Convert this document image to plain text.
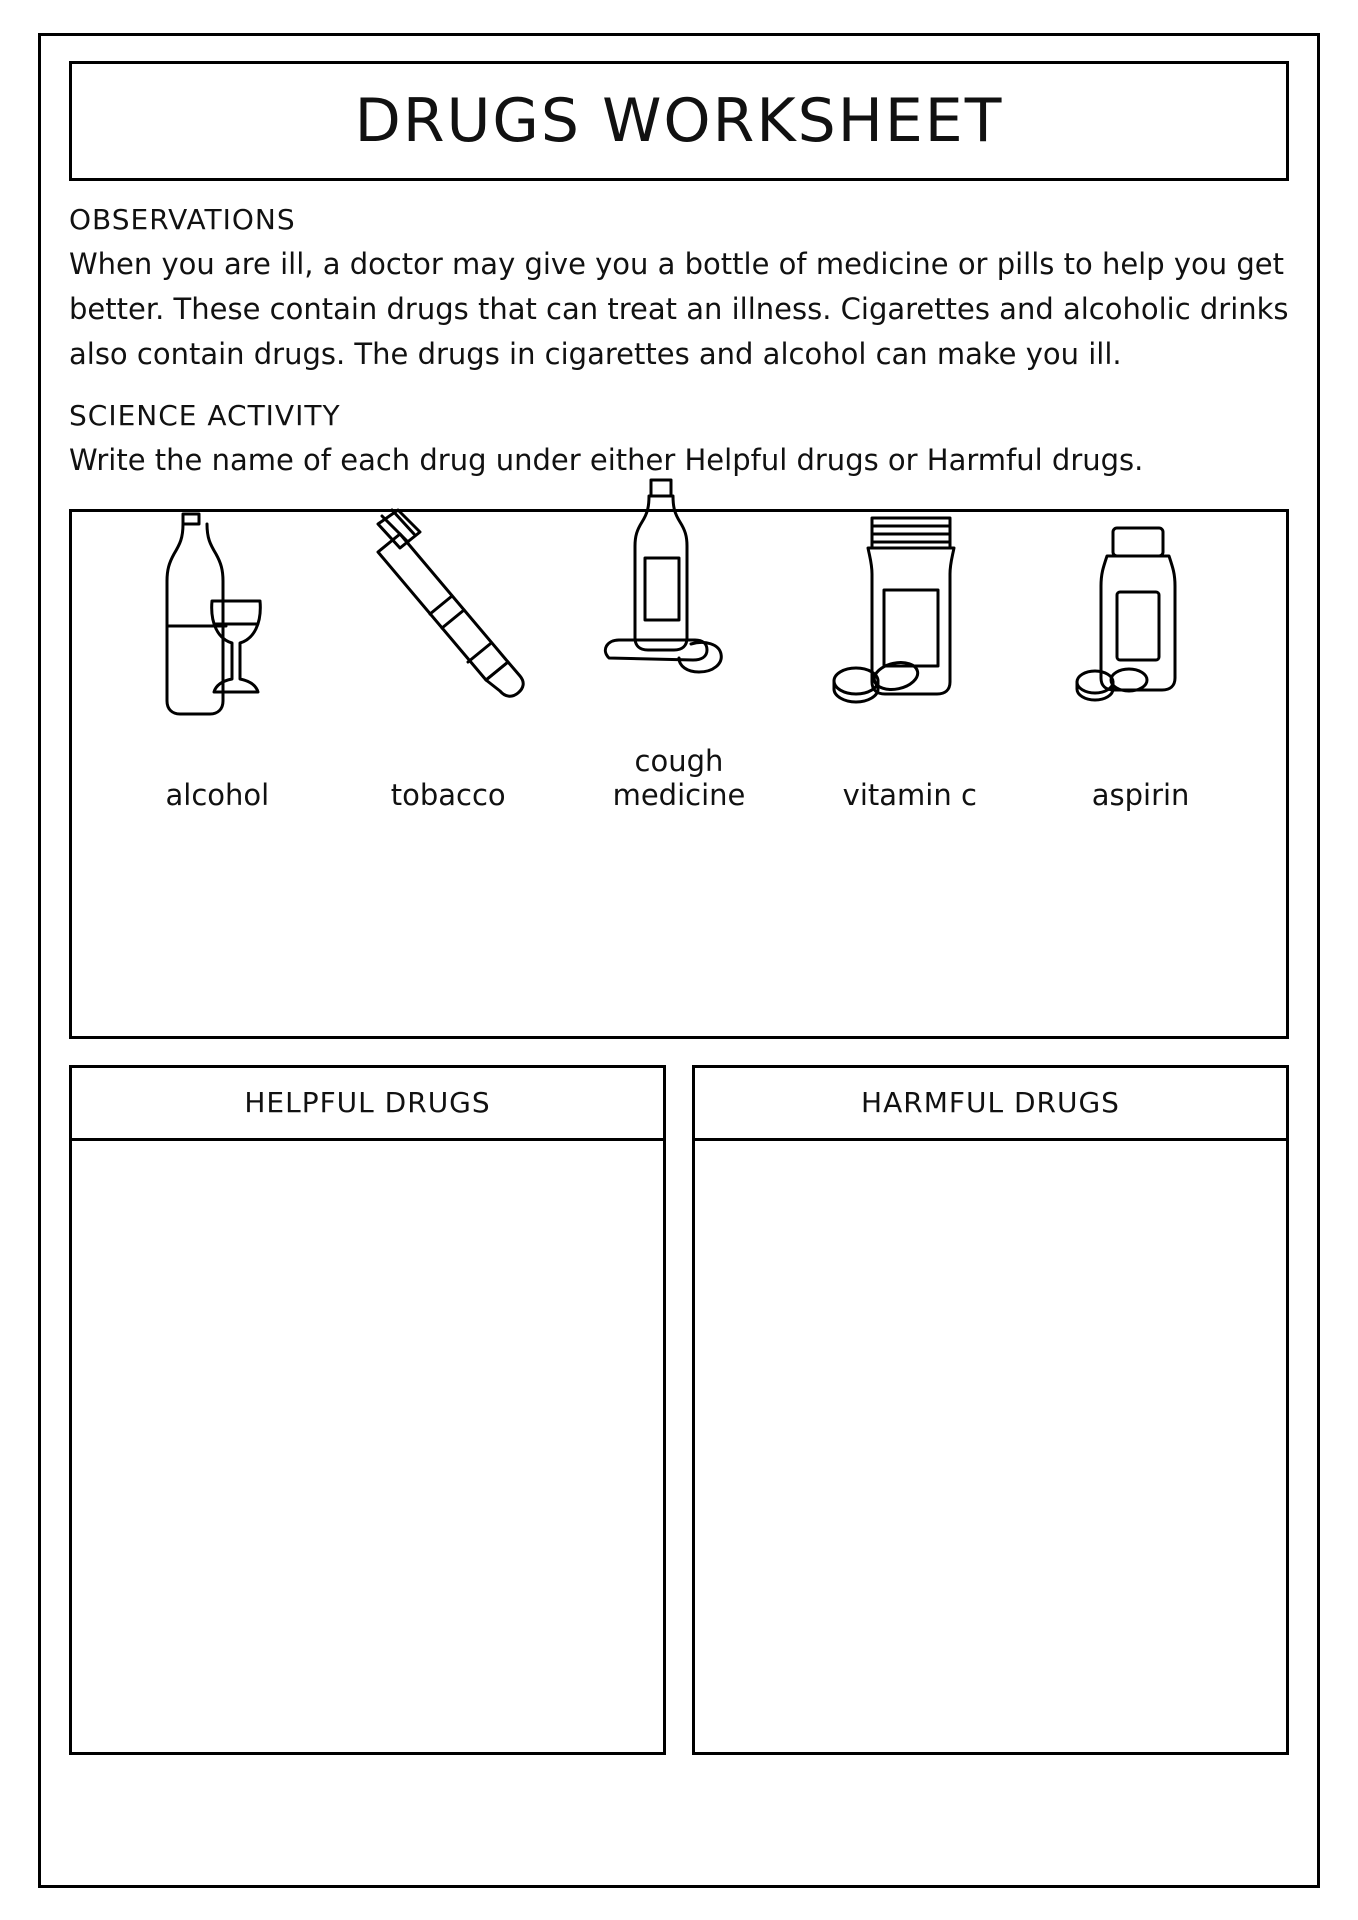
DRUGS WORKSHEET
OBSERVATIONS
When you are ill, a doctor may give you a bottle of medicine or pills to help you get better. These contain drugs that can treat an illness. Cigarettes and alcoholic drinks also contain drugs. The drugs in cigarettes and alcohol can make you ill.
SCIENCE ACTIVITY
Write the name of each drug under either Helpful drugs or Harmful drugs.
alcohol	tobacco
cough medicine	vitamin c	aspirin
HELPFUL DRUGS	HARMFUL DRUGS
